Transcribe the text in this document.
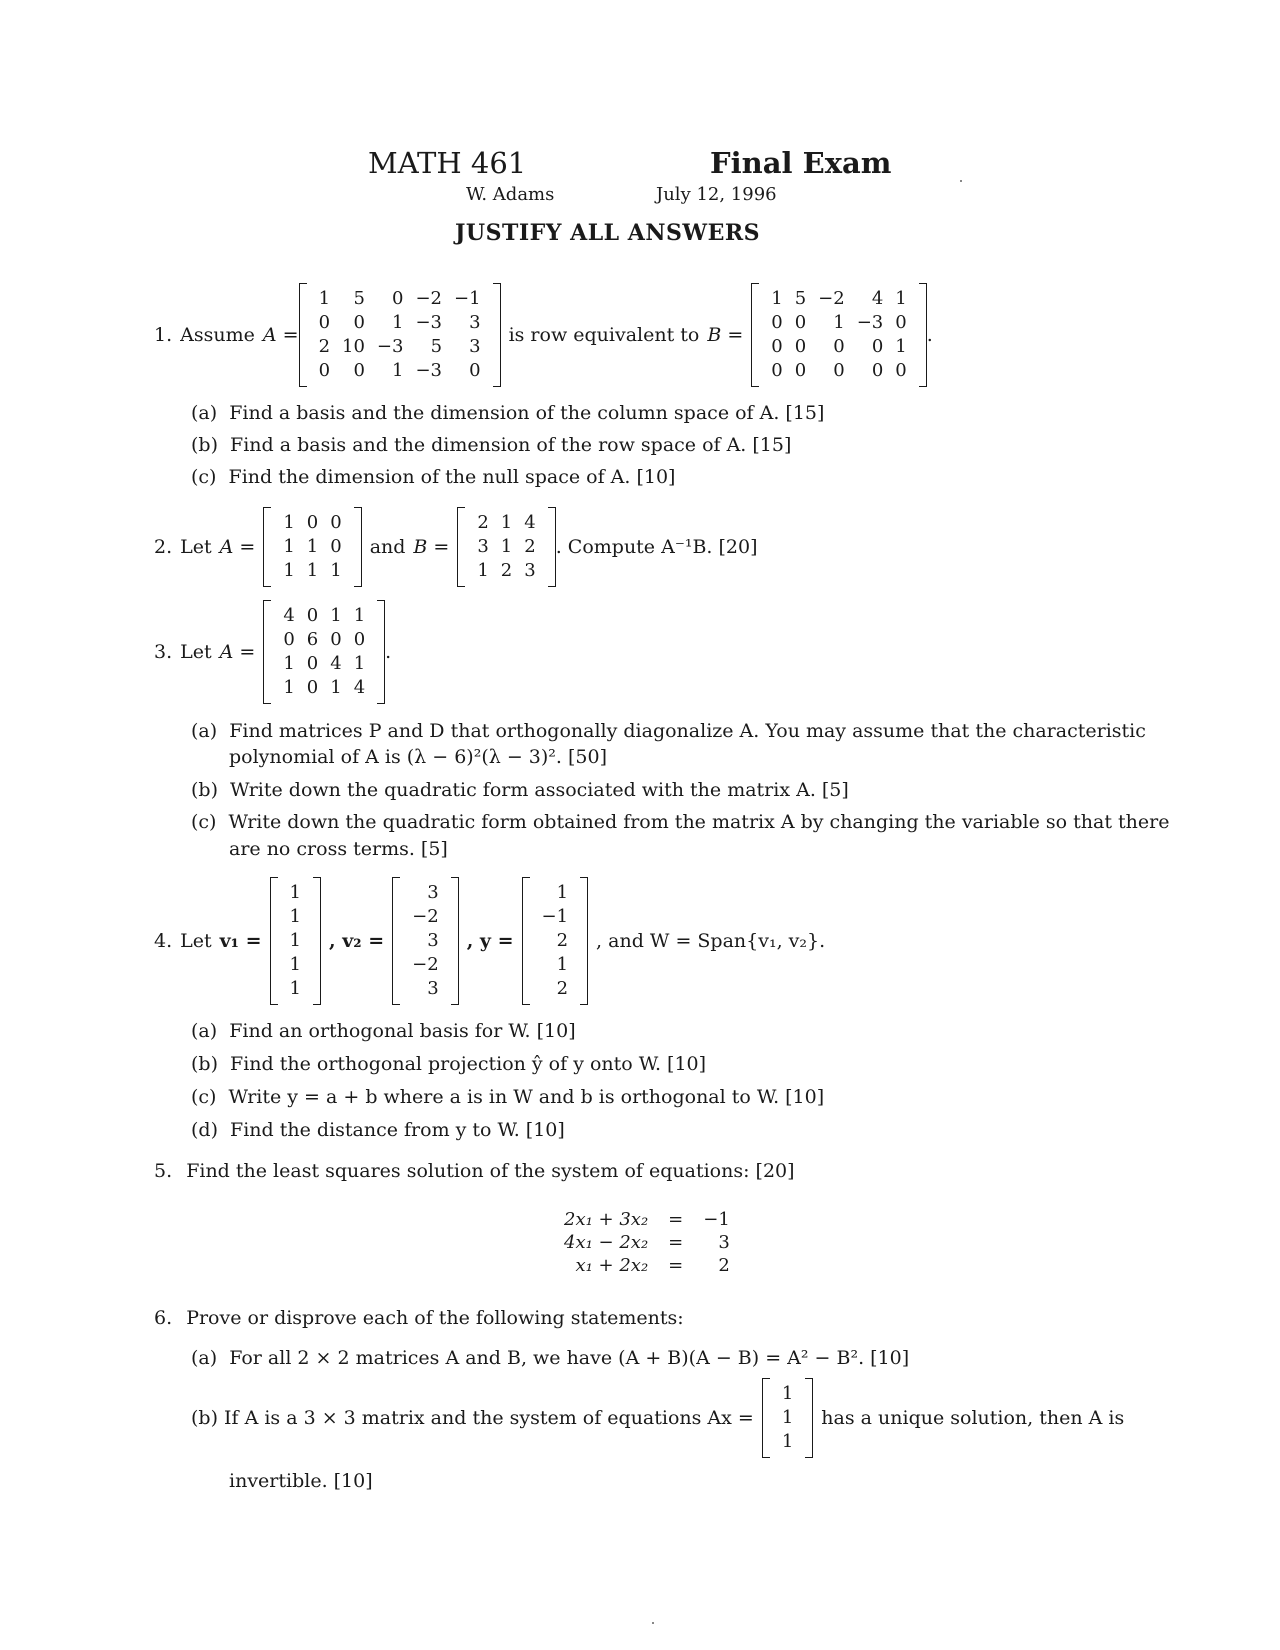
MATH 461	Final Exam
W. Adams	July 12, 1996
JUSTIFY ALL ANSWERS
1. Assume A =
1	5	0	−2	−1
0	0	1	−3	3
2	10	−3	5	3
0	0	1	−3	0
is row equivalent to B =
1	5	−2	4	1
0	0	1	−3	0
0	0	0	0	1
0	0	0	0	0
.
(a) Find a basis and the dimension of the column space of A. [15]
(b) Find a basis and the dimension of the row space of A. [15]
(c) Find the dimension of the null space of A. [10]
2. Let A =
1	0	0
1	1	0
1	1	1
and B =
2	1	4
3	1	2
1	2	3
. Compute A⁻¹B. [20]
3. Let A =
4	0	1	1
0	6	0	0
1	0	4	1
1	0	1	4
.
(a) Find matrices P and D that orthogonally diagonalize A. You may assume that the characteristic
polynomial of A is (λ − 6)²(λ − 3)². [50]
(b) Write down the quadratic form associated with the matrix A. [5]
(c) Write down the quadratic form obtained from the matrix A by changing the variable so that there
are no cross terms. [5]
4. Let v₁ =
1
1
1
1
1
, v₂ =
3
−2
3
−2
3
, y =
1
−1
2
1
2
, and W = Span{v₁, v₂}.
(a) Find an orthogonal basis for W. [10]
(b) Find the orthogonal projection ŷ of y onto W. [10]
(c) Write y = a + b where a is in W and b is orthogonal to W. [10]
(d) Find the distance from y to W. [10]
5. Find the least squares solution of the system of equations: [20]
2x₁ + 3x₂	=	−1
4x₁ − 2x₂	=	3
x₁ + 2x₂	=	2
6. Prove or disprove each of the following statements:
(a) For all 2 × 2 matrices A and B, we have (A + B)(A − B) = A² − B². [10]
(b) If A is a 3 × 3 matrix and the system of equations Ax =
1
1
1
has a unique solution, then A is
invertible. [10]
